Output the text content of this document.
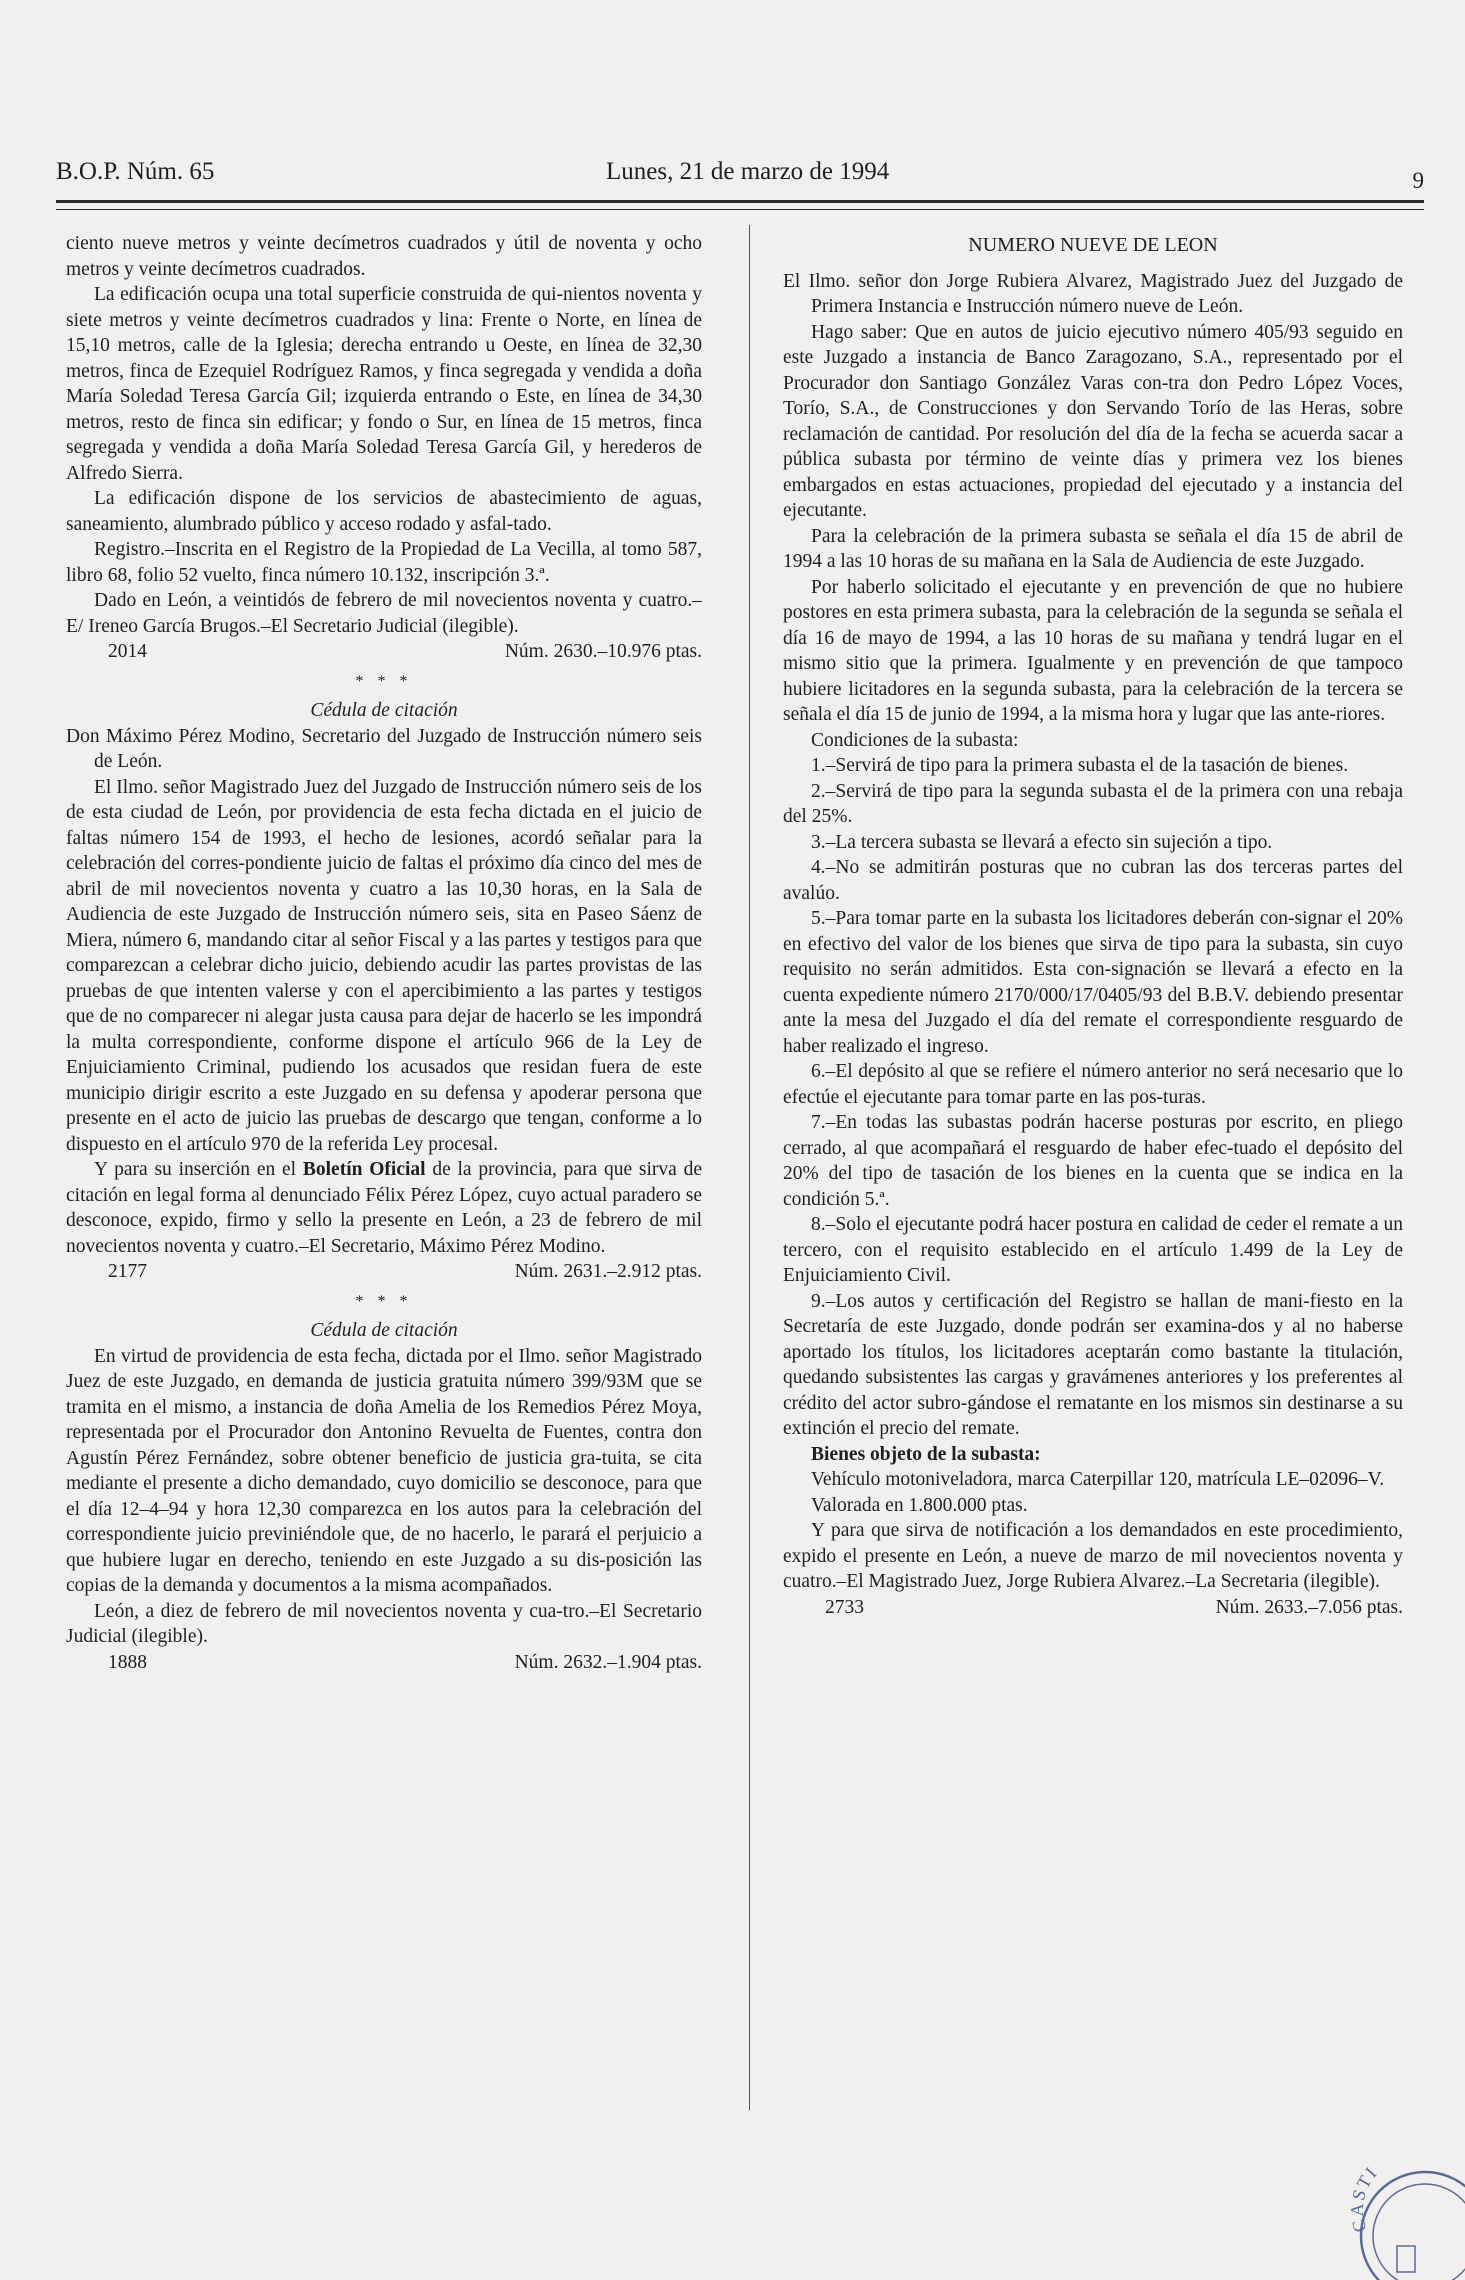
B.O.P. Núm. 65	Lunes, 21 de marzo de 1994	9

ciento nueve metros y veinte decímetros cuadrados y útil de noventa y ocho metros y veinte decímetros cuadrados.

La edificación ocupa una total superficie construida de qui-nientos noventa y siete metros y veinte decímetros cuadrados y lina: Frente o Norte, en línea de 15,10 metros, calle de la Iglesia; derecha entrando u Oeste, en línea de 32,30 metros, finca de Ezequiel Rodríguez Ramos, y finca segregada y vendida a doña María Soledad Teresa García Gil; izquierda entrando o Este, en línea de 34,30 metros, resto de finca sin edificar; y fondo o Sur, en línea de 15 metros, finca segregada y vendida a doña María Soledad Teresa García Gil, y herederos de Alfredo Sierra.

La edificación dispone de los servicios de abastecimiento de aguas, saneamiento, alumbrado público y acceso rodado y asfal-tado.

Registro.–Inscrita en el Registro de la Propiedad de La Vecilla, al tomo 587, libro 68, folio 52 vuelto, finca número 10.132, inscripción 3.ª.

Dado en León, a veintidós de febrero de mil novecientos noventa y cuatro.–E/ Ireneo García Brugos.–El Secretario Judicial (ilegible).

2014	Núm. 2630.–10.976 ptas.

* * *

Cédula de citación

Don Máximo Pérez Modino, Secretario del Juzgado de Instrucción número seis de León.

El Ilmo. señor Magistrado Juez del Juzgado de Instrucción número seis de los de esta ciudad de León, por providencia de esta fecha dictada en el juicio de faltas número 154 de 1993, el hecho de lesiones, acordó señalar para la celebración del corres-pondiente juicio de faltas el próximo día cinco del mes de abril de mil novecientos noventa y cuatro a las 10,30 horas, en la Sala de Audiencia de este Juzgado de Instrucción número seis, sita en Paseo Sáenz de Miera, número 6, mandando citar al señor Fiscal y a las partes y testigos para que comparezcan a celebrar dicho juicio, debiendo acudir las partes provistas de las pruebas de que intenten valerse y con el apercibimiento a las partes y testigos que de no comparecer ni alegar justa causa para dejar de hacerlo se les impondrá la multa correspondiente, conforme dispone el artículo 966 de la Ley de Enjuiciamiento Criminal, pudiendo los acusados que residan fuera de este municipio dirigir escrito a este Juzgado en su defensa y apoderar persona que presente en el acto de juicio las pruebas de descargo que tengan, conforme a lo dispuesto en el artículo 970 de la referida Ley procesal.

Y para su inserción en el Boletín Oficial de la provincia, para que sirva de citación en legal forma al denunciado Félix Pérez López, cuyo actual paradero se desconoce, expido, firmo y sello la presente en León, a 23 de febrero de mil novecientos noventa y cuatro.–El Secretario, Máximo Pérez Modino.

2177	Núm. 2631.–2.912 ptas.

* * *

Cédula de citación

En virtud de providencia de esta fecha, dictada por el Ilmo. señor Magistrado Juez de este Juzgado, en demanda de justicia gratuita número 399/93M que se tramita en el mismo, a instancia de doña Amelia de los Remedios Pérez Moya, representada por el Procurador don Antonino Revuelta de Fuentes, contra don Agustín Pérez Fernández, sobre obtener beneficio de justicia gra-tuita, se cita mediante el presente a dicho demandado, cuyo domicilio se desconoce, para que el día 12–4–94 y hora 12,30 comparezca en los autos para la celebración del correspondiente juicio previniéndole que, de no hacerlo, le parará el perjuicio a que hubiere lugar en derecho, teniendo en este Juzgado a su dis-posición las copias de la demanda y documentos a la misma acompañados.

León, a diez de febrero de mil novecientos noventa y cua-tro.–El Secretario Judicial (ilegible).

1888	Núm. 2632.–1.904 ptas.

NUMERO NUEVE DE LEON

El Ilmo. señor don Jorge Rubiera Alvarez, Magistrado Juez del Juzgado de Primera Instancia e Instrucción número nueve de León.

Hago saber: Que en autos de juicio ejecutivo número 405/93 seguido en este Juzgado a instancia de Banco Zaragozano, S.A., representado por el Procurador don Santiago González Varas con-tra don Pedro López Voces, Torío, S.A., de Construcciones y don Servando Torío de las Heras, sobre reclamación de cantidad. Por resolución del día de la fecha se acuerda sacar a pública subasta por término de veinte días y primera vez los bienes embargados en estas actuaciones, propiedad del ejecutado y a instancia del ejecutante.

Para la celebración de la primera subasta se señala el día 15 de abril de 1994 a las 10 horas de su mañana en la Sala de Audiencia de este Juzgado.

Por haberlo solicitado el ejecutante y en prevención de que no hubiere postores en esta primera subasta, para la celebración de la segunda se señala el día 16 de mayo de 1994, a las 10 horas de su mañana y tendrá lugar en el mismo sitio que la primera. Igualmente y en prevención de que tampoco hubiere licitadores en la segunda subasta, para la celebración de la tercera se señala el día 15 de junio de 1994, a la misma hora y lugar que las ante-riores.

Condiciones de la subasta:

1.–Servirá de tipo para la primera subasta el de la tasación de bienes.

2.–Servirá de tipo para la segunda subasta el de la primera con una rebaja del 25%.

3.–La tercera subasta se llevará a efecto sin sujeción a tipo.

4.–No se admitirán posturas que no cubran las dos terceras partes del avalúo.

5.–Para tomar parte en la subasta los licitadores deberán con-signar el 20% en efectivo del valor de los bienes que sirva de tipo para la subasta, sin cuyo requisito no serán admitidos. Esta con-signación se llevará a efecto en la cuenta expediente número 2170/000/17/0405/93 del B.B.V. debiendo presentar ante la mesa del Juzgado el día del remate el correspondiente resguardo de haber realizado el ingreso.

6.–El depósito al que se refiere el número anterior no será necesario que lo efectúe el ejecutante para tomar parte en las pos-turas.

7.–En todas las subastas podrán hacerse posturas por escrito, en pliego cerrado, al que acompañará el resguardo de haber efec-tuado el depósito del 20% del tipo de tasación de los bienes en la cuenta que se indica en la condición 5.ª.

8.–Solo el ejecutante podrá hacer postura en calidad de ceder el remate a un tercero, con el requisito establecido en el artículo 1.499 de la Ley de Enjuiciamiento Civil.

9.–Los autos y certificación del Registro se hallan de mani-fiesto en la Secretaría de este Juzgado, donde podrán ser examina-dos y al no haberse aportado los títulos, los licitadores aceptarán como bastante la titulación, quedando subsistentes las cargas y gravámenes anteriores y los preferentes al crédito del actor subro-gándose el rematante en los mismos sin destinarse a su extinción el precio del remate.

Bienes objeto de la subasta:

Vehículo motoniveladora, marca Caterpillar 120, matrícula LE–02096–V.

Valorada en 1.800.000 ptas.

Y para que sirva de notificación a los demandados en este procedimiento, expido el presente en León, a nueve de marzo de mil novecientos noventa y cuatro.–El Magistrado Juez, Jorge Rubiera Alvarez.–La Secretaria (ilegible).

2733	Núm. 2633.–7.056 ptas.

CASTI
